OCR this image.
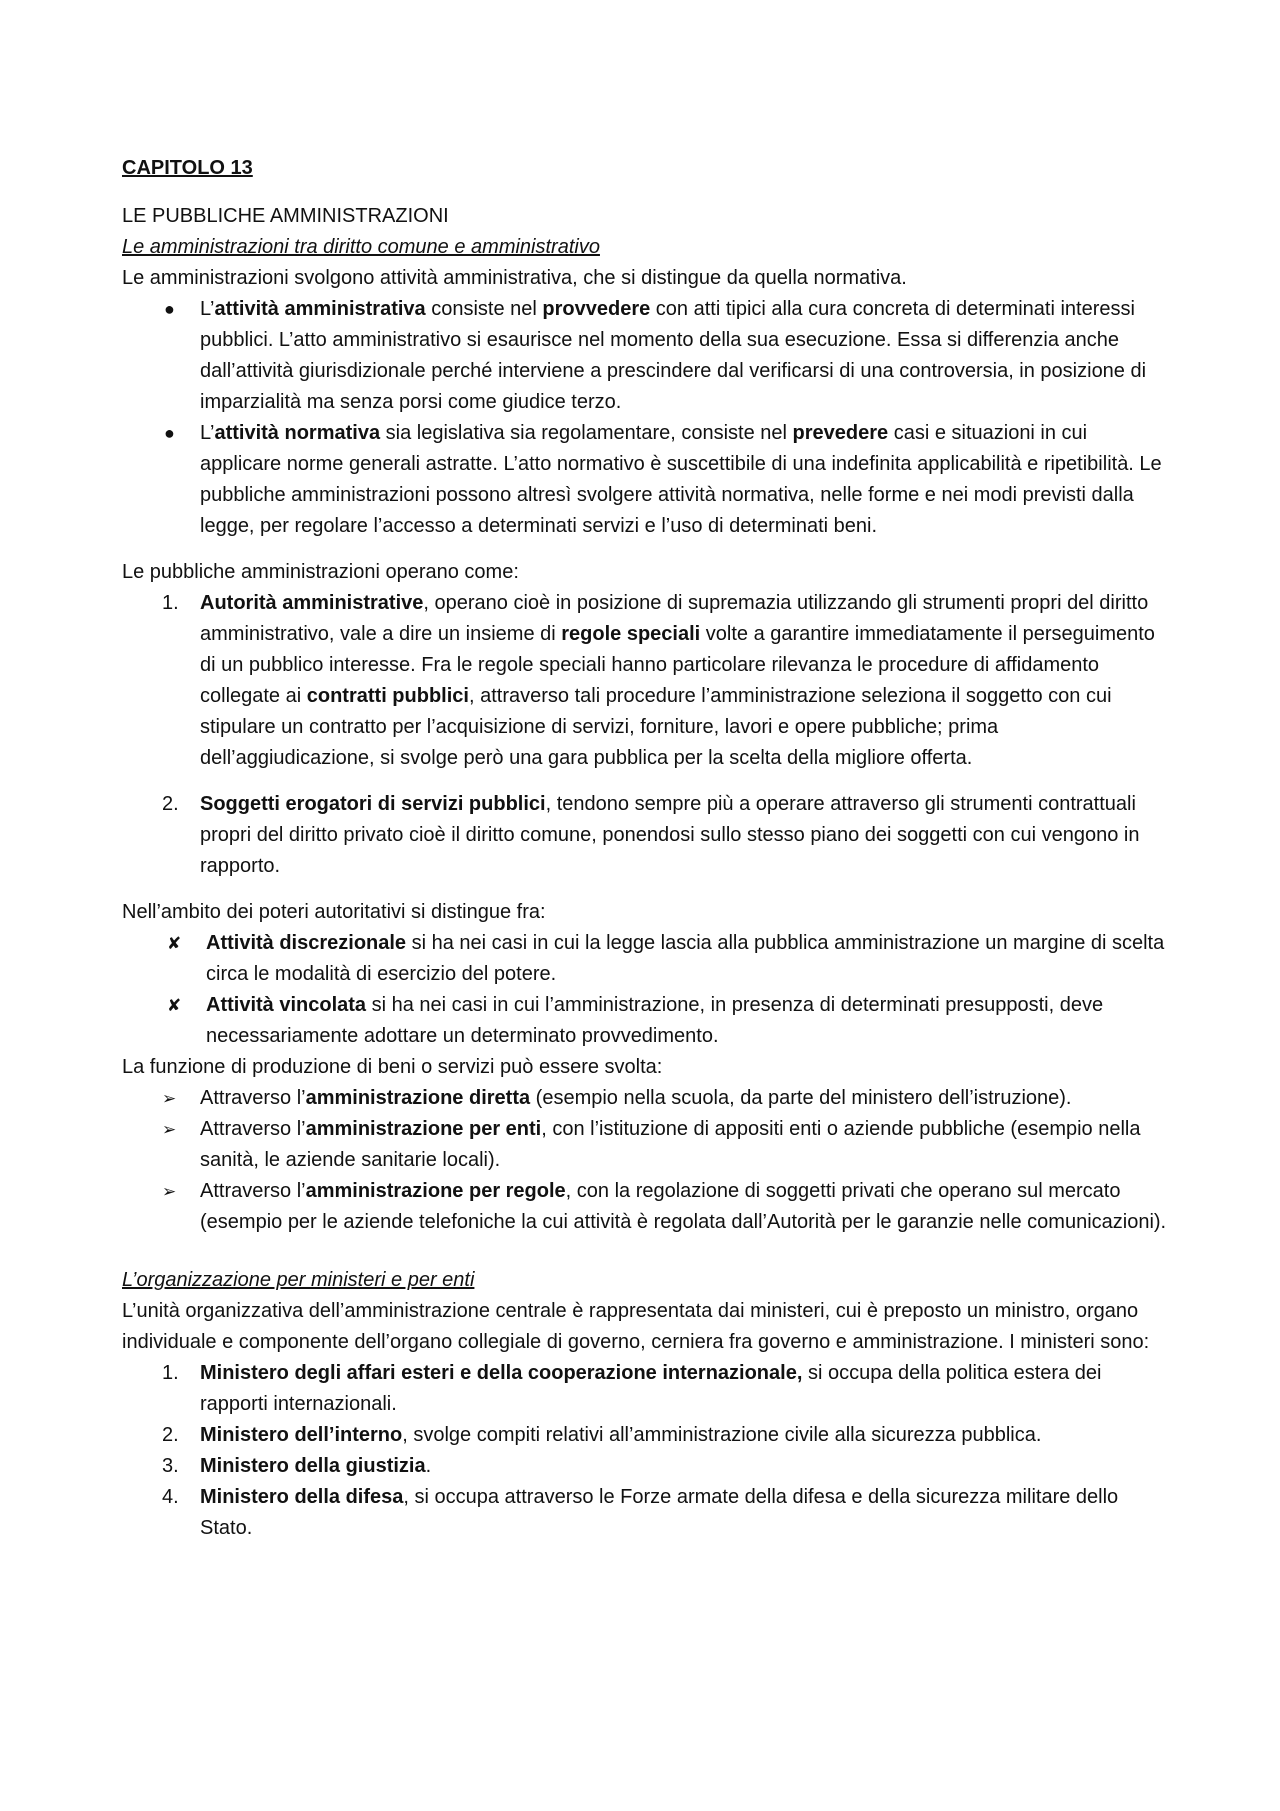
CAPITOLO 13

LE PUBBLICHE AMMINISTRAZIONI

Le amministrazioni tra diritto comune e amministrativo

Le amministrazioni svolgono attività amministrativa, che si distingue da quella normativa.

● L’attività amministrativa consiste nel provvedere con atti tipici alla cura concreta di determinati interessi pubblici. L’atto amministrativo si esaurisce nel momento della sua esecuzione. Essa si differenzia anche dall’attività giurisdizionale perché interviene a prescindere dal verificarsi di una controversia, in posizione di imparzialità ma senza porsi come giudice terzo.
● L’attività normativa sia legislativa sia regolamentare, consiste nel prevedere casi e situazioni in cui applicare norme generali astratte. L’atto normativo è suscettibile di una indefinita applicabilità e ripetibilità. Le pubbliche amministrazioni possono altresì svolgere attività normativa, nelle forme e nei modi previsti dalla legge, per regolare l’accesso a determinati servizi e l’uso di determinati beni.

Le pubbliche amministrazioni operano come:

1. Autorità amministrative, operano cioè in posizione di supremazia utilizzando gli strumenti propri del diritto amministrativo, vale a dire un insieme di regole speciali volte a garantire immediatamente il perseguimento di un pubblico interesse. Fra le regole speciali hanno particolare rilevanza le procedure di affidamento collegate ai contratti pubblici, attraverso tali procedure l’amministrazione seleziona il soggetto con cui stipulare un contratto per l’acquisizione di servizi, forniture, lavori e opere pubbliche; prima dell’aggiudicazione, si svolge però una gara pubblica per la scelta della migliore offerta.
2. Soggetti erogatori di servizi pubblici, tendono sempre più a operare attraverso gli strumenti contrattuali propri del diritto privato cioè il diritto comune, ponendosi sullo stesso piano dei soggetti con cui vengono in rapporto.

Nell’ambito dei poteri autoritativi si distingue fra:

✘ Attività discrezionale si ha nei casi in cui la legge lascia alla pubblica amministrazione un margine di scelta circa le modalità di esercizio del potere.
✘ Attività vincolata si ha nei casi in cui l’amministrazione, in presenza di determinati presupposti, deve necessariamente adottare un determinato provvedimento.

La funzione di produzione di beni o servizi può essere svolta:

➢ Attraverso l’amministrazione diretta (esempio nella scuola, da parte del ministero dell’istruzione).
➢ Attraverso l’amministrazione per enti, con l’istituzione di appositi enti o aziende pubbliche (esempio nella sanità, le aziende sanitarie locali).
➢ Attraverso l’amministrazione per regole, con la regolazione di soggetti privati che operano sul mercato (esempio per le aziende telefoniche la cui attività è regolata dall’Autorità per le garanzie nelle comunicazioni).

L’organizzazione per ministeri e per enti

L’unità organizzativa dell’amministrazione centrale è rappresentata dai ministeri, cui è preposto un ministro, organo individuale e componente dell’organo collegiale di governo, cerniera fra governo e amministrazione. I ministeri sono:

1. Ministero degli affari esteri e della cooperazione internazionale, si occupa della politica estera dei rapporti internazionali.
2. Ministero dell’interno, svolge compiti relativi all’amministrazione civile alla sicurezza pubblica.
3. Ministero della giustizia.
4. Ministero della difesa, si occupa attraverso le Forze armate della difesa e della sicurezza militare dello Stato.
